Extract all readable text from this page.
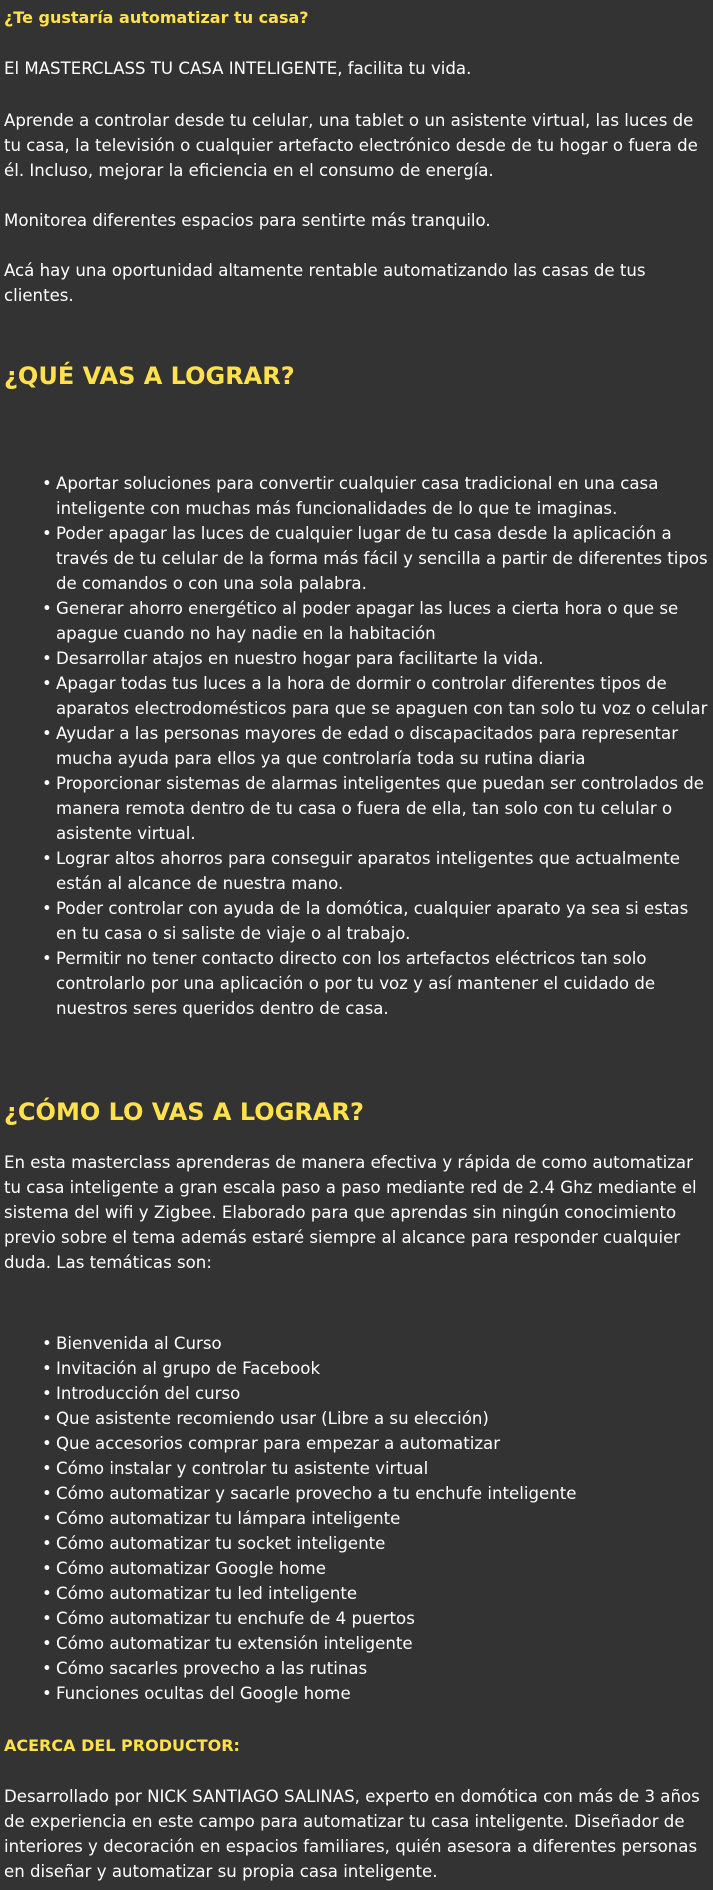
¿Te gustaría automatizar tu casa?

El MASTERCLASS TU CASA INTELIGENTE, facilita tu vida.

Aprende a controlar desde tu celular, una tablet o un asistente virtual, las luces de tu casa, la televisión o cualquier artefacto electrónico desde de tu hogar o fuera de él. Incluso, mejorar la eficiencia en el consumo de energía.

Monitorea diferentes espacios para sentirte más tranquilo.

Acá hay una oportunidad altamente rentable automatizando las casas de tus clientes.

¿QUÉ VAS A LOGRAR?
• Aportar soluciones para convertir cualquier casa tradicional en una casa inteligente con muchas más funcionalidades de lo que te imaginas.
• Poder apagar las luces de cualquier lugar de tu casa desde la aplicación a través de tu celular de la forma más fácil y sencilla a partir de diferentes tipos de comandos o con una sola palabra.
• Generar ahorro energético al poder apagar las luces a cierta hora o que se apague cuando no hay nadie en la habitación
• Desarrollar atajos en nuestro hogar para facilitarte la vida.
• Apagar todas tus luces a la hora de dormir o controlar diferentes tipos de aparatos electrodomésticos para que se apaguen con tan solo tu voz o celular
• Ayudar a las personas mayores de edad o discapacitados para representar mucha ayuda para ellos ya que controlaría toda su rutina diaria
• Proporcionar sistemas de alarmas inteligentes que puedan ser controlados de manera remota dentro de tu casa o fuera de ella, tan solo con tu celular o asistente virtual.
• Lograr altos ahorros para conseguir aparatos inteligentes que actualmente están al alcance de nuestra mano.
• Poder controlar con ayuda de la domótica, cualquier aparato ya sea si estas en tu casa o si saliste de viaje o al trabajo.
• Permitir no tener contacto directo con los artefactos eléctricos tan solo controlarlo por una aplicación o por tu voz y así mantener el cuidado de nuestros seres queridos dentro de casa.
¿CÓMO LO VAS A LOGRAR?

En esta masterclass aprenderas de manera efectiva y rápida de como automatizar tu casa inteligente a gran escala paso a paso mediante red de 2.4 Ghz mediante el sistema del wifi y Zigbee. Elaborado para que aprendas sin ningún conocimiento previo sobre el tema además estaré siempre al alcance para responder cualquier duda. Las temáticas son:

• Bienvenida al Curso
• Invitación al grupo de Facebook
• Introducción del curso
• Que asistente recomiendo usar (Libre a su elección)
• Que accesorios comprar para empezar a automatizar
• Cómo instalar y controlar tu asistente virtual
• Cómo automatizar y sacarle provecho a tu enchufe inteligente
• Cómo automatizar tu lámpara inteligente
• Cómo automatizar tu socket inteligente
• Cómo automatizar Google home
• Cómo automatizar tu led inteligente
• Cómo automatizar tu enchufe de 4 puertos
• Cómo automatizar tu extensión inteligente
• Cómo sacarles provecho a las rutinas
• Funciones ocultas del Google home
ACERCA DEL PRODUCTOR:

Desarrollado por NICK SANTIAGO SALINAS, experto en domótica con más de 3 años de experiencia en este campo para automatizar tu casa inteligente. Diseñador de interiores y decoración en espacios familiares, quién asesora a diferentes personas en diseñar y automatizar su propia casa inteligente.
